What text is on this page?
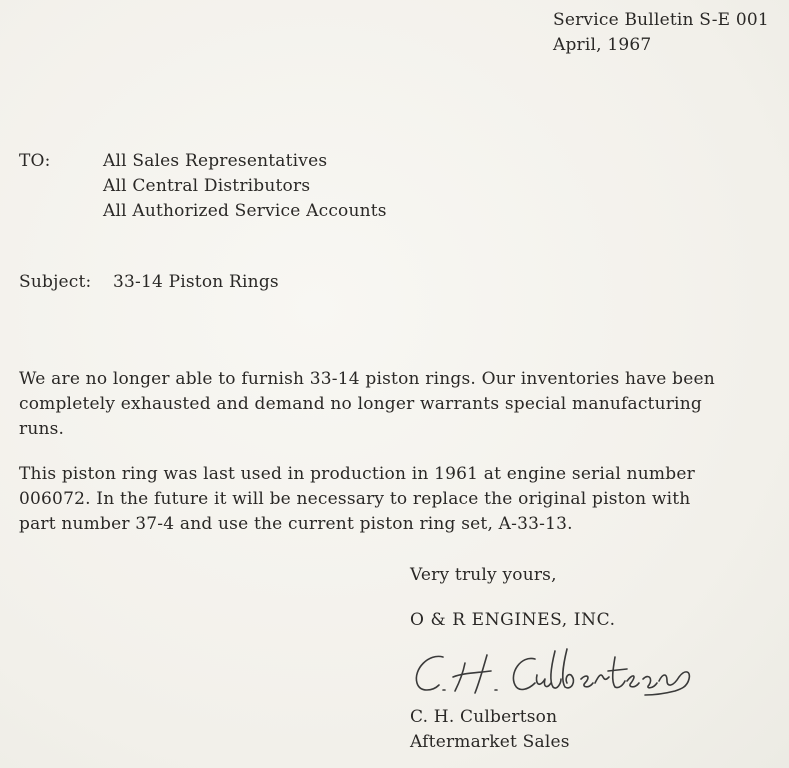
Service Bulletin S-E 001
April, 1967
TO:	All Sales Representatives
All Central Distributors
All Authorized Service Accounts
Subject: 33-14 Piston Rings
We are no longer able to furnish 33-14 piston rings. Our inventories have been
completely exhausted and demand no longer warrants special manufacturing
runs.
This piston ring was last used in production in 1961 at engine serial number
006072. In the future it will be necessary to replace the original piston with
part number 37-4 and use the current piston ring set, A-33-13.
Very truly yours,
O & R ENGINES, INC.
C. H. Culbertson
Aftermarket Sales
